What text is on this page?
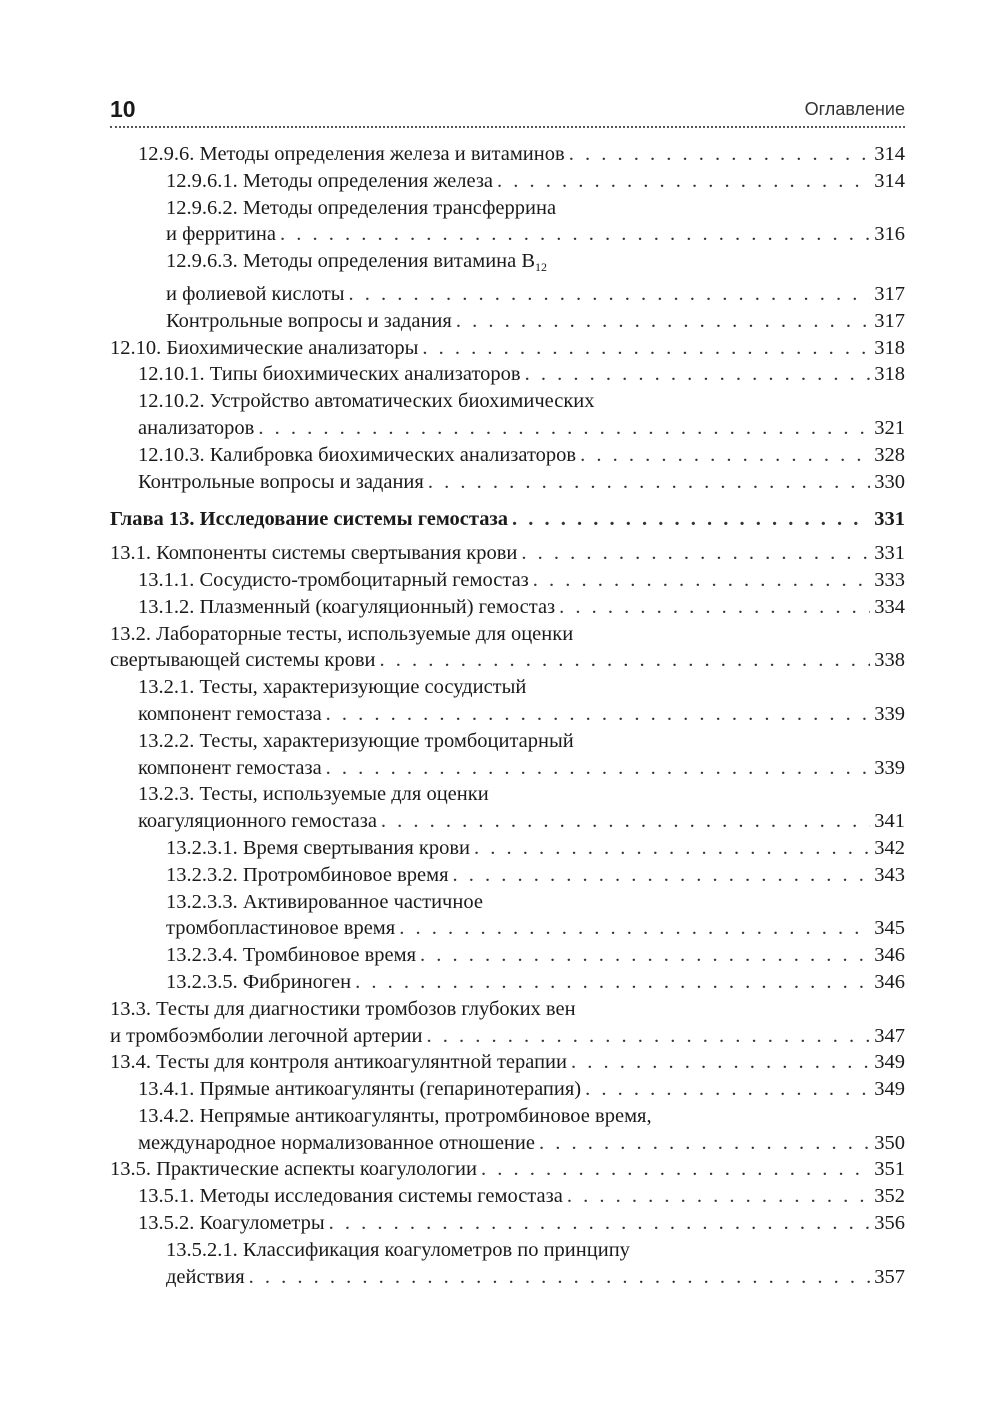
10	Оглавление
12.9.6. Методы определения железа и витаминов . . .	314
12.9.6.1. Методы определения железа . . .	314
12.9.6.2. Методы определения трансферрина
и ферритина . . .	316
12.9.6.3. Методы определения витамина B12
и фолиевой кислоты . . .	317
Контрольные вопросы и задания . . .	317
12.10. Биохимические анализаторы . . .	318
12.10.1. Типы биохимических анализаторов . . .	318
12.10.2. Устройство автоматических биохимических
анализаторов . . .	321
12.10.3. Калибровка биохимических анализаторов . . .	328
Контрольные вопросы и задания . . .	330
Глава 13. Исследование системы гемостаза . . .	331
13.1. Компоненты системы свертывания крови . . .	331
13.1.1. Сосудисто-тромбоцитарный гемостаз . . .	333
13.1.2. Плазменный (коагуляционный) гемостаз . . .	334
13.2. Лабораторные тесты, используемые для оценки
свертывающей системы крови . . .	338
13.2.1. Тесты, характеризующие сосудистый
компонент гемостаза . . .	339
13.2.2. Тесты, характеризующие тромбоцитарный
компонент гемостаза . . .	339
13.2.3. Тесты, используемые для оценки
коагуляционного гемостаза . . .	341
13.2.3.1. Время свертывания крови . . .	342
13.2.3.2. Протромбиновое время . . .	343
13.2.3.3. Активированное частичное
тромбопластиновое время . . .	345
13.2.3.4. Тромбиновое время . . .	346
13.2.3.5. Фибриноген . . .	346
13.3. Тесты для диагностики тромбозов глубоких вен
и тромбоэмболии легочной артерии . . .	347
13.4. Тесты для контроля антикоагулянтной терапии . . .	349
13.4.1. Прямые антикоагулянты (гепаринотерапия) . . .	349
13.4.2. Непрямые антикоагулянты, протромбиновое время,
международное нормализованное отношение . . .	350
13.5. Практические аспекты коагулологии . . .	351
13.5.1. Методы исследования системы гемостаза . . .	352
13.5.2. Коагулометры . . .	356
13.5.2.1. Классификация коагулометров по принципу
действия . . .	357
